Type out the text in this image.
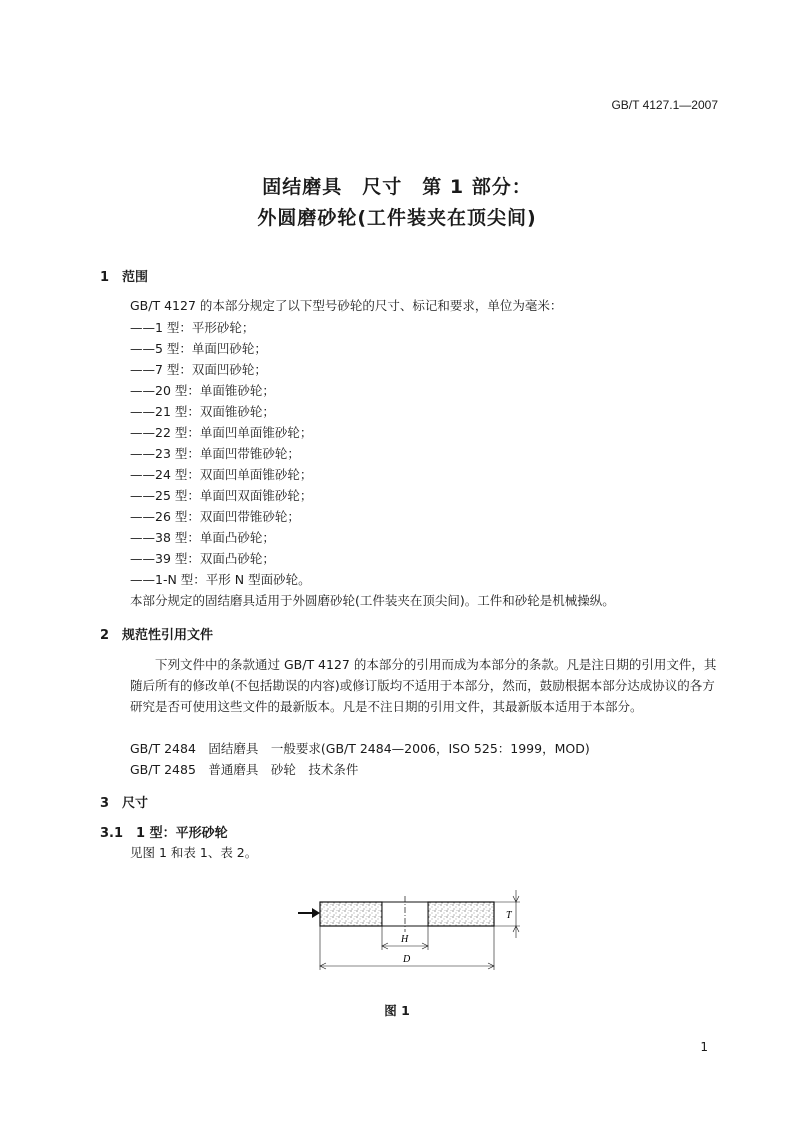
GB/T 4127.1—2007
固结磨具　尺寸　第 1 部分：
外圆磨砂轮(工件装夹在顶尖间)
1　范围
GB/T 4127 的本部分规定了以下型号砂轮的尺寸、标记和要求，单位为毫米：
——1 型：平形砂轮；
——5 型：单面凹砂轮；
——7 型：双面凹砂轮；
——20 型：单面锥砂轮；
——21 型：双面锥砂轮；
——22 型：单面凹单面锥砂轮；
——23 型：单面凹带锥砂轮；
——24 型：双面凹单面锥砂轮；
——25 型：单面凹双面锥砂轮；
——26 型：双面凹带锥砂轮；
——38 型：单面凸砂轮；
——39 型：双面凸砂轮；
——1-N 型：平形 N 型面砂轮。
本部分规定的固结磨具适用于外圆磨砂轮(工件装夹在顶尖间)。工件和砂轮是机械操纵。
2　规范性引用文件
下列文件中的条款通过 GB/T 4127 的本部分的引用而成为本部分的条款。凡是注日期的引用文件，其随后所有的修改单(不包括勘误的内容)或修订版均不适用于本部分，然而，鼓励根据本部分达成协议的各方研究是否可使用这些文件的最新版本。凡是不注日期的引用文件，其最新版本适用于本部分。
GB/T 2484　固结磨具　一般要求(GB/T 2484—2006，ISO 525：1999，MOD)
GB/T 2485　普通磨具　砂轮　技术条件
3　尺寸
3.1　1 型：平形砂轮
见图 1 和表 1、表 2。
T
H
D
图 1
1
